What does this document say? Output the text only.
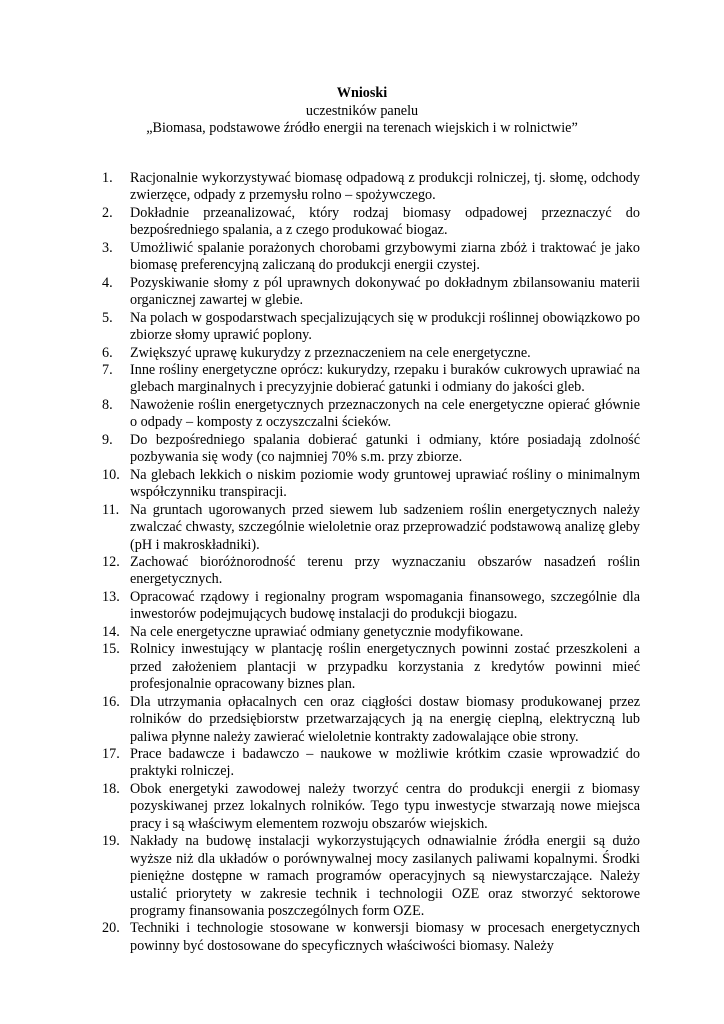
Wnioski
uczestników panelu
„Biomasa, podstawowe źródło energii na terenach wiejskich i w rolnictwie”
1.	Racjonalnie wykorzystywać biomasę odpadową z produkcji rolniczej, tj. słomę, odchody zwierzęce, odpady z przemysłu rolno – spożywczego.
2.	Dokładnie przeanalizować, który rodzaj biomasy odpadowej przeznaczyć do bezpośredniego spalania, a z czego produkować biogaz.
3.	Umożliwić spalanie porażonych chorobami grzybowymi ziarna zbóż i traktować je jako biomasę preferencyjną zaliczaną do produkcji energii czystej.
4.	Pozyskiwanie słomy z pól uprawnych dokonywać po dokładnym zbilansowaniu materii organicznej zawartej w glebie.
5.	Na polach w gospodarstwach specjalizujących się w produkcji roślinnej obowiązkowo po zbiorze słomy uprawić poplony.
6.	Zwiększyć uprawę kukurydzy z przeznaczeniem na cele energetyczne.
7.	Inne rośliny energetyczne oprócz: kukurydzy, rzepaku i buraków cukrowych uprawiać na glebach marginalnych i precyzyjnie dobierać gatunki i odmiany do jakości gleb.
8.	Nawożenie roślin energetycznych przeznaczonych na cele energetyczne opierać głównie o odpady – komposty z oczyszczalni ścieków.
9.	Do bezpośredniego spalania dobierać gatunki i odmiany, które posiadają zdolność pozbywania się wody (co najmniej 70% s.m. przy zbiorze.
10. Na glebach lekkich o niskim poziomie wody gruntowej uprawiać rośliny o minimalnym współczynniku transpiracji.
11. Na gruntach ugorowanych przed siewem lub sadzeniem roślin energetycznych należy zwalczać chwasty, szczególnie wieloletnie oraz przeprowadzić podstawową analizę gleby (pH i makroskładniki).
12. Zachować bioróżnorodność terenu przy wyznaczaniu obszarów nasadzeń roślin energetycznych.
13. Opracować rządowy i regionalny program wspomagania finansowego, szczególnie dla inwestorów podejmujących budowę instalacji do produkcji biogazu.
14. Na cele energetyczne uprawiać odmiany genetycznie modyfikowane.
15. Rolnicy inwestujący w plantację roślin energetycznych powinni zostać przeszkoleni a przed założeniem plantacji w przypadku korzystania z kredytów powinni mieć profesjonalnie opracowany biznes plan.
16. Dla utrzymania opłacalnych cen oraz ciągłości dostaw biomasy produkowanej przez rolników do przedsiębiorstw przetwarzających ją na energię cieplną, elektryczną lub paliwa płynne należy zawierać wieloletnie kontrakty zadowalające obie strony.
17. Prace badawcze i badawczo – naukowe w możliwie krótkim czasie wprowadzić do praktyki rolniczej.
18. Obok energetyki zawodowej należy tworzyć centra do produkcji energii z biomasy pozyskiwanej przez lokalnych rolników. Tego typu inwestycje stwarzają nowe miejsca pracy i są właściwym elementem rozwoju obszarów wiejskich.
19. Nakłady na budowę instalacji wykorzystujących odnawialnie źródła energii są dużo wyższe niż dla układów o porównywalnej mocy zasilanych paliwami kopalnymi. Środki pieniężne dostępne w ramach programów operacyjnych są niewystarczające. Należy ustalić priorytety w zakresie technik i technologii OZE oraz stworzyć sektorowe programy finansowania poszczególnych form OZE.
20. Techniki i technologie stosowane w konwersji biomasy w procesach energetycznych powinny być dostosowane do specyficznych właściwości biomasy. Należy
